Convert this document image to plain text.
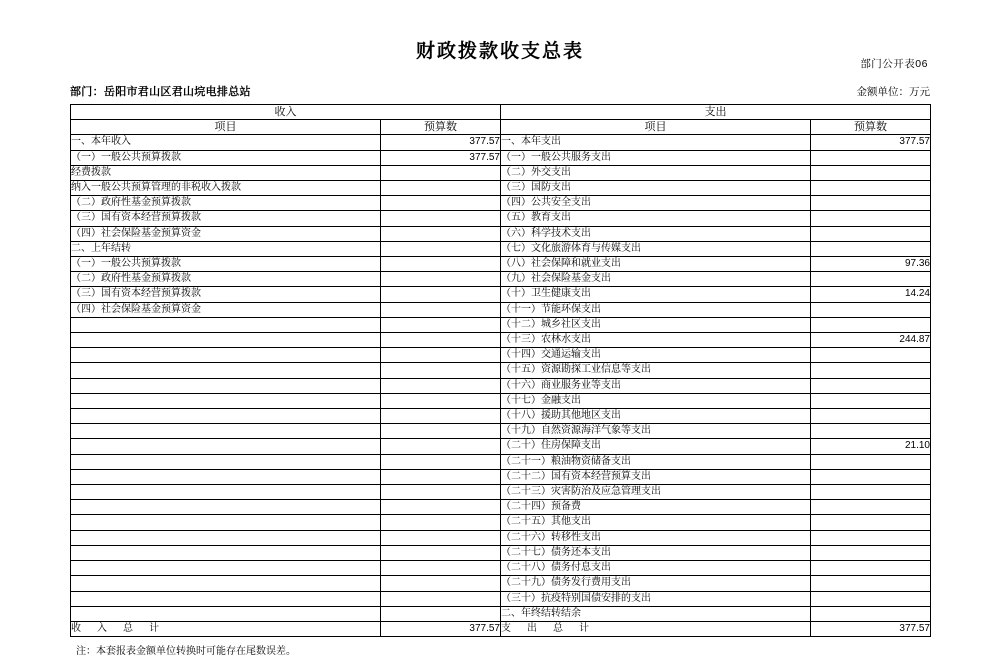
部门公开表06
财政拨款收支总表
部门：岳阳市君山区君山垸电排总站	金额单位：万元
收入		支出	
项目	预算数	项目	预算数
一、本年收入	377.57	一、本年支出	377.57
（一）一般公共预算拨款	377.57	（一）一般公共服务支出	
经费拨款		（二）外交支出	
纳入一般公共预算管理的非税收入拨款		（三）国防支出	
（二）政府性基金预算拨款		（四）公共安全支出	
（三）国有资本经营预算拨款		（五）教育支出	
（四）社会保险基金预算资金		（六）科学技术支出	
二、上年结转		（七）文化旅游体育与传媒支出	
（一）一般公共预算拨款		（八）社会保障和就业支出	97.36
（二）政府性基金预算拨款		（九）社会保险基金支出	
（三）国有资本经营预算拨款		（十）卫生健康支出	14.24
（四）社会保险基金预算资金		（十一）节能环保支出	
		（十二）城乡社区支出	
		（十三）农林水支出	244.87
		（十四）交通运输支出	
		（十五）资源勘探工业信息等支出	
		（十六）商业服务业等支出	
		（十七）金融支出	
		（十八）援助其他地区支出	
		（十九）自然资源海洋气象等支出	
		（二十）住房保障支出	21.10
		（二十一）粮油物资储备支出	
		（二十二）国有资本经营预算支出	
		（二十三）灾害防治及应急管理支出	
		（二十四）预备费	
		（二十五）其他支出	
		（二十六）转移性支出	
		（二十七）债务还本支出	
		（二十八）债务付息支出	
		（二十九）债务发行费用支出	
		（三十）抗疫特别国债安排的支出	
		二、年终结转结余	
收　入　总　计	377.57	支　出　总　计	377.57
注：本套报表金额单位转换时可能存在尾数误差。
